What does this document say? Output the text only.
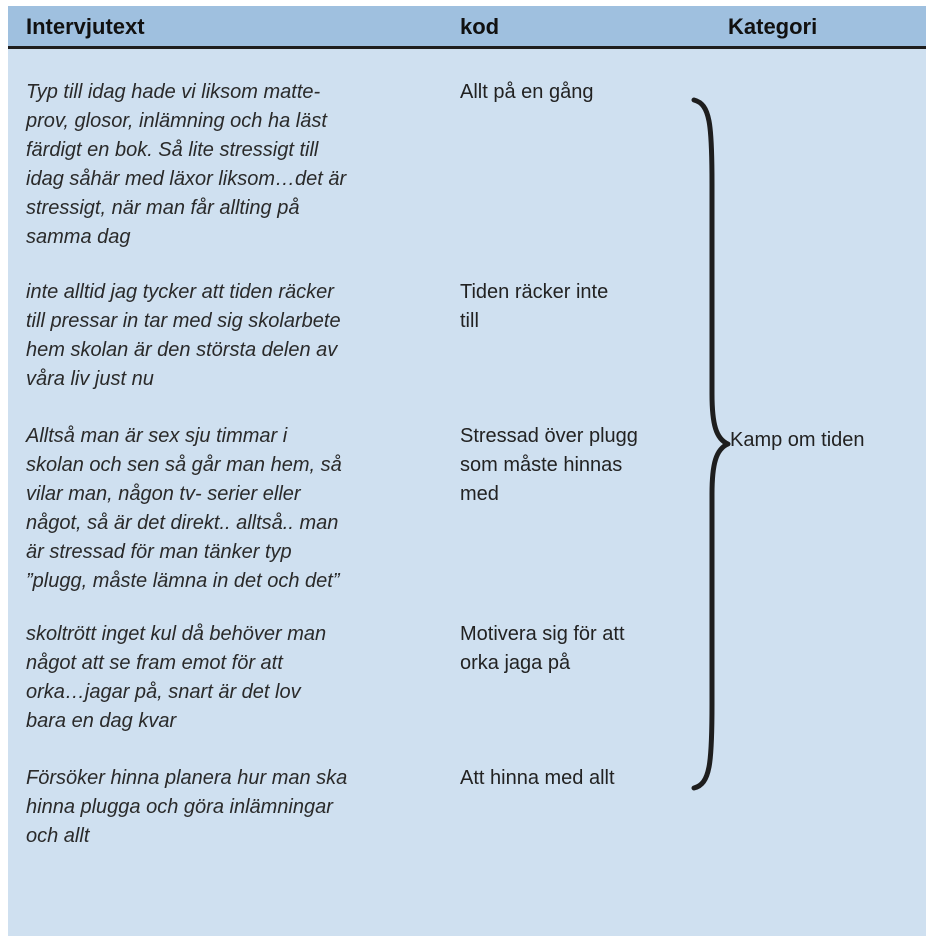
Intervjutext	kod	Kategori

Typ till idag hade vi liksom matte-
prov, glosor, inlämning och ha läst
färdigt en bok. Så lite stressigt till
idag såhär med läxor liksom…det är
stressigt, när man får allting på
samma dag

Allt på en gång

inte alltid jag tycker att tiden räcker
till pressar in tar med sig skolarbete
hem skolan är den största delen av
våra liv just nu

Tiden räcker inte
till

Alltså man är sex sju timmar i
skolan och sen så går man hem, så
vilar man, någon tv- serier eller
något, så är det direkt.. alltså.. man
är stressad för man tänker typ
”plugg, måste lämna in det och det”

Stressad över plugg
som måste hinnas
med

skoltrött inget kul då behöver man
något att se fram emot för att
orka…jagar på, snart är det lov
bara en dag kvar

Motivera sig för att
orka jaga på

Försöker hinna planera hur man ska
hinna plugga och göra inlämningar
och allt

Att hinna med allt

Kamp om tiden
